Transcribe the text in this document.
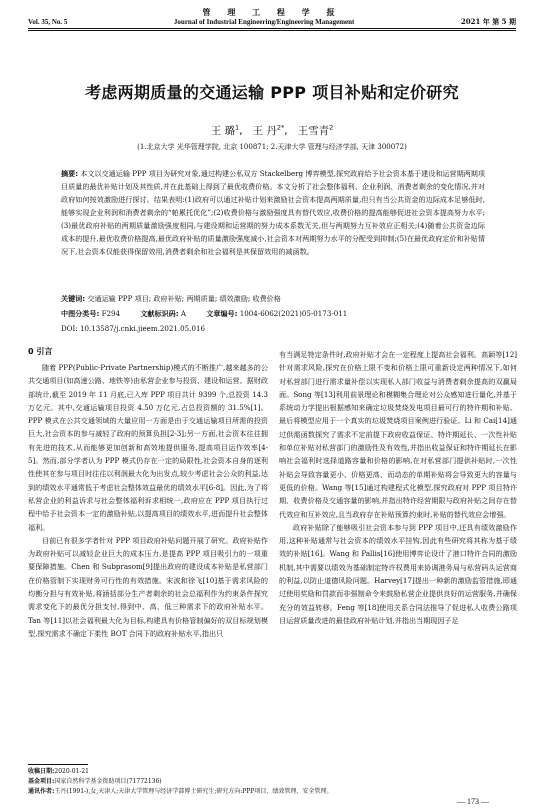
管 理 工 程 学 报
Vol. 35, No. 5	Journal of Industrial Engineering/Engineering Management	2021 年 第 5 期
考虑两期质量的交通运输 PPP 项目补贴和定价研究
王 璐$^1$,   王 丹$^{2*}$,   王雪青$^2$
(1.北京大学 光华管理学院, 北京 100871; 2.天津大学 管理与经济学部, 天津 300072)
摘要: 本文以交通运输 PPP 项目为研究对象,通过构建公私双方 Stackelberg 博弈模型,探究政府给予社会资本基于建设和运营期两期项目质量的最优补贴计划及其性质,并在此基础上得到了最优收费价格。本文分析了社会整体福利、企业利润、消费者剩余的变化情况,并对政府如何按效激励进行探讨。结果表明:(1)政府可以通过补贴计划来激励社会资本提高两期质量,但只有当公共资金的边际成本足够低时,能够实现企业利润和消费者剩余的“帕累托优化”;(2)收费价格与激励强度具有替代效应,收费价格的提高能够促进社会资本提高努力水平;(3)最优政府补贴的两期质量激励强度相同,与建设期和运营期的努力成本系数无关,但与两期努力互补效应正相关;(4)随着公共资金边际成本的提升,最优收费价格提高,最优政府补贴的质量激励强度减小,社会资本对两期努力水平的分配受到抑制;(5)在最优政府定价和补贴情况下,社会资本仅能获得保留效用,消费者剩余和社会福利是其保留效用的减函数。
关键词: 交通运输 PPP 项目; 政府补贴; 两期质量; 绩效激励; 收费价格
中图分类号: F294	文献标识码: A	文章编号: 1004-6062(2021)05-0173-011
DOI: 10.13587/j.cnki.jieem.2021.05.016
0 引言

随着 PPP(Public-Private Partnership)模式的不断推广,越来越多的公共交通项目(如高速公路、地铁等)由私营企业参与投资、建设和运营。据财政部统计,截至 2019 年 11 月底,已入库 PPP 项目共计 9399 个,总投资 14.3 万亿元。其中,交通运输项目投资 4.50 万亿元,占总投资额的 31.5%[1]。PPP 模式在公共交通领域的大量应用一方面是由于交通运输项目所需的投资巨大,社会资本的参与减轻了政府的预算负担[2-3];另一方面,社会资本往往拥有先进的技术,从而能够更加创新和高效地提供服务,提高项目运作效率[4-5]。然而,部分学者认为 PPP 模式仍存在一定的局限性,社会资本自身的逐利性使其在参与项目时往往以利润最大化为出发点,较少考虑社会公众的利益,达到的绩效水平通常低于考虑社会整体效益最优的绩效水平[6-8]。因此,为了将私营企业的利益诉求与社会整体福利诉求相统一,政府应在 PPP 项目执行过程中给予社会资本一定的激励补贴,以提高项目的绩效水平,进而提升社会整体福利。

目前已有很多学者针对 PPP 项目政府补贴问题开展了研究。政府补贴作为政府补贴可以减轻企业巨大的成本压力,是提高 PPP 项目吸引力的一项重要保障措施。Chen 和 Subprasom[9]提出政府的建设成本补贴是私营部门在价格管制下实现财务可行性的有效措施。宋波和徐飞[10]基于需求风险的均衡分担与有效补贴,将涵括部分生产者剩余的社会总福利作为约束条件探究需求变化下的最优分担支付,得到中、高、低三种需求下的政府补贴水平。Tan 等[11]以社会福利最大化为目标,构建具有价格管制偏好的双目标规划模型,探究需求不确定下柔性 BOT 合同下的政府补贴水平,指出只

有当满足特定条件时,政府补贴才会在一定程度上提高社会福利。高颖等[12]针对需求风险,探究在价格上限不变和价格上限可重新设定两种情况下,如何对私营部门进行需求量补偿以实现私人部门收益与消费者剩余提高的双赢局面。Song 等[13]利用前景理论和模糊集合理论对公众感知进行量化,并基于系统动力学提出根据感知来确定垃圾焚烧发电项目最可行的特许期和补贴。最后将模型应用于一个真实的垃圾焚烧项目案例进行验证。Li 和 Cai[14]通过供需函数探究了需求不定前提下政府收益保证、特许期延长、一次性补贴和单位补贴对私营部门的激励性及有效性,并指出收益保证和特许期延长在影响社会福利时选择道路容量和价格的影响,在对私营部门提供补贴时,一次性补贴会导致容量更小、价格更高、而动态的单期补贴将会导致更大的容量与更低的价格。Wang 等[15]通过构建程式化模型,探究政府对 PPP 项目特许期、收费价格及交通容量的影响,并指出特许经营期限与政府补贴之间存在替代效应和互补效应,且当政府存在补贴预算约束时,补贴的替代效应会增强。

政府补贴除了能够吸引社会资本参与到 PPP 项目中,还具有绩效激励作用,这种补贴通常与社会资本的绩效水平挂钩,因此有些研究将其称为基于绩效的补贴[16]。Wang 和 Pallis[16]使用博弈论设计了港口特许合同的激励机制,其中需要以绩效为基础制定特许权费用来协调港务局与私营码头运营商的利益,以防止道德风险问题。Harvey[17]提出一种新的激励监管措施,即通过使用奖励和罚款而非强制命令来鼓励私营企业提供良好的运营服务,并确保充分的效益转移。Feng 等[18]使用关系合同法推导了促进私人收费公路项目运营质量改进的最佳政府补贴计划,并指出当期现因子足

收稿日期:2020-01-21
基金项目:国家自然科学基金资助项目(71772136)
通讯作者:王丹(1991-),女,天津人;天津大学管理与经济学部博士研究生;研究方向:PPP项目、绩效管理、安全管理。
— 173 —
